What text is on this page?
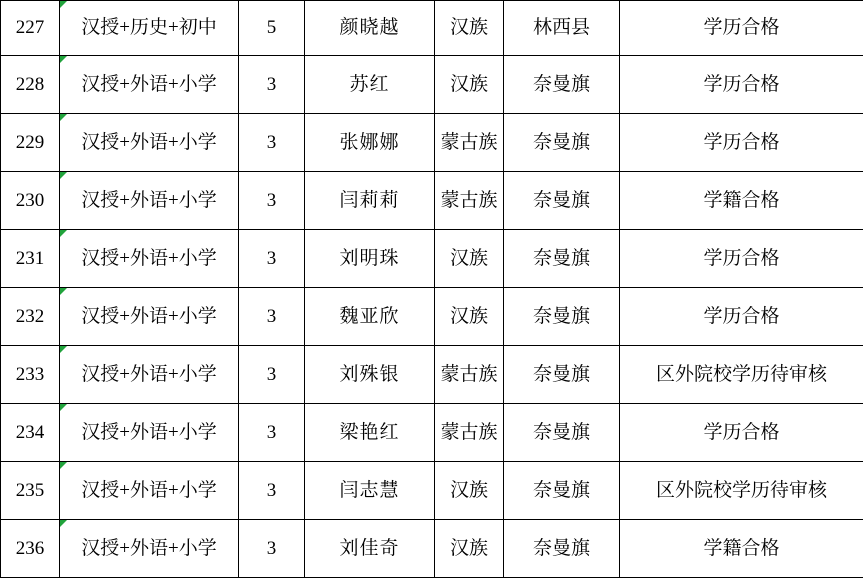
227	汉授+历史+初中	5	颜晓越	汉族	林西县	学历合格
228	汉授+外语+小学	3	苏红	汉族	奈曼旗	学历合格
229	汉授+外语+小学	3	张娜娜	蒙古族	奈曼旗	学历合格
230	汉授+外语+小学	3	闫莉莉	蒙古族	奈曼旗	学籍合格
231	汉授+外语+小学	3	刘明珠	汉族	奈曼旗	学历合格
232	汉授+外语+小学	3	魏亚欣	汉族	奈曼旗	学历合格
233	汉授+外语+小学	3	刘殊银	蒙古族	奈曼旗	区外院校学历待审核
234	汉授+外语+小学	3	梁艳红	蒙古族	奈曼旗	学历合格
235	汉授+外语+小学	3	闫志慧	汉族	奈曼旗	区外院校学历待审核
236	汉授+外语+小学	3	刘佳奇	汉族	奈曼旗	学籍合格
